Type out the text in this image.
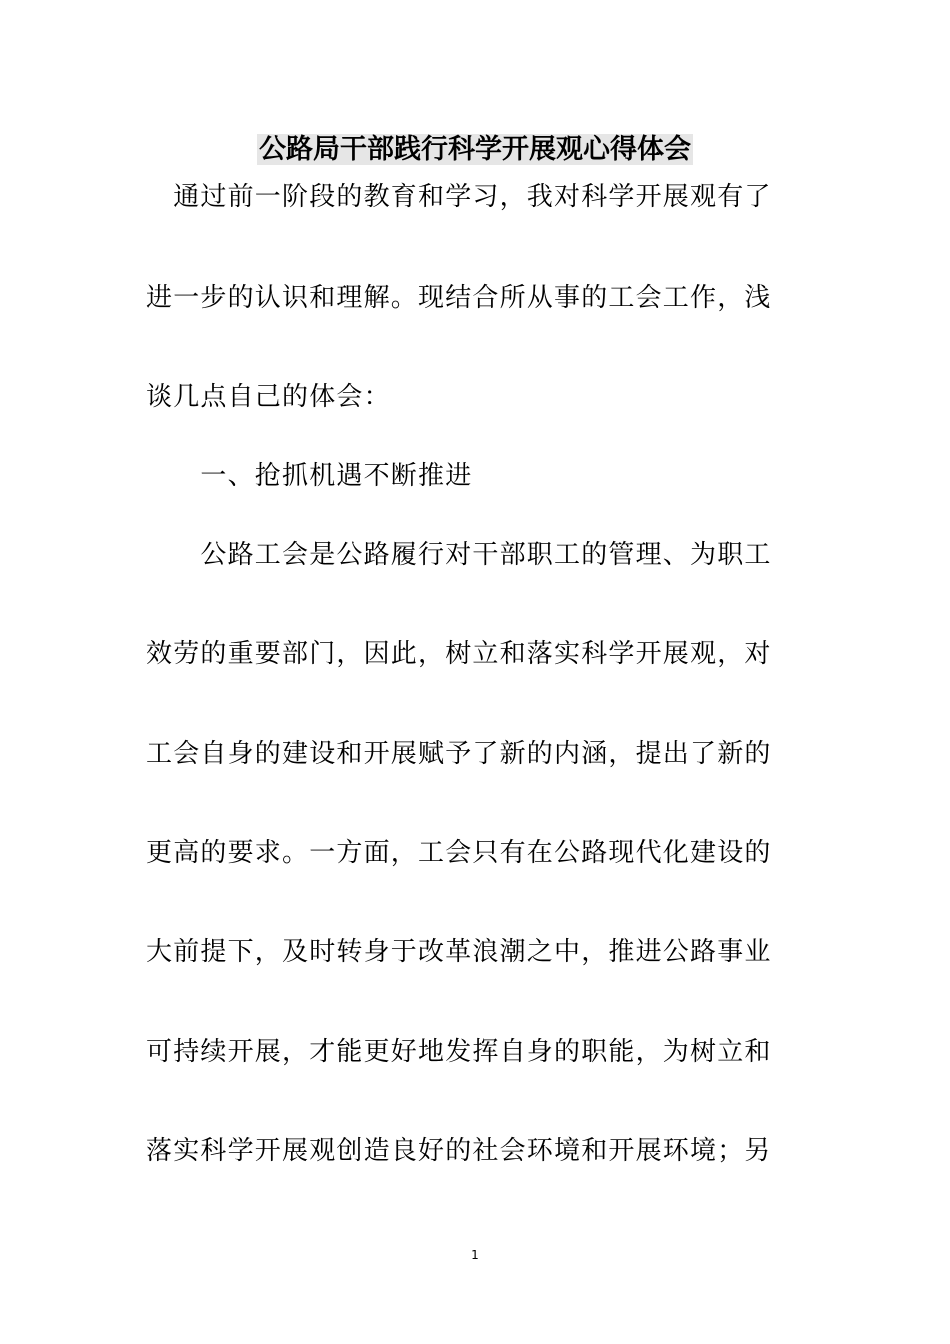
公路局干部践行科学开展观心得体会
　通过前一阶段的教育和学习，我对科学开展观有了
进一步的认识和理解。现结合所从事的工会工作，浅
谈几点自己的体会：
　　一、抢抓机遇不断推进
　　公路工会是公路履行对干部职工的管理、为职工
效劳的重要部门，因此，树立和落实科学开展观，对
工会自身的建设和开展赋予了新的内涵，提出了新的
更高的要求。一方面，工会只有在公路现代化建设的
大前提下，及时转身于改革浪潮之中，推进公路事业
可持续开展，才能更好地发挥自身的职能，为树立和
落实科学开展观创造良好的社会环境和开展环境；另
1
